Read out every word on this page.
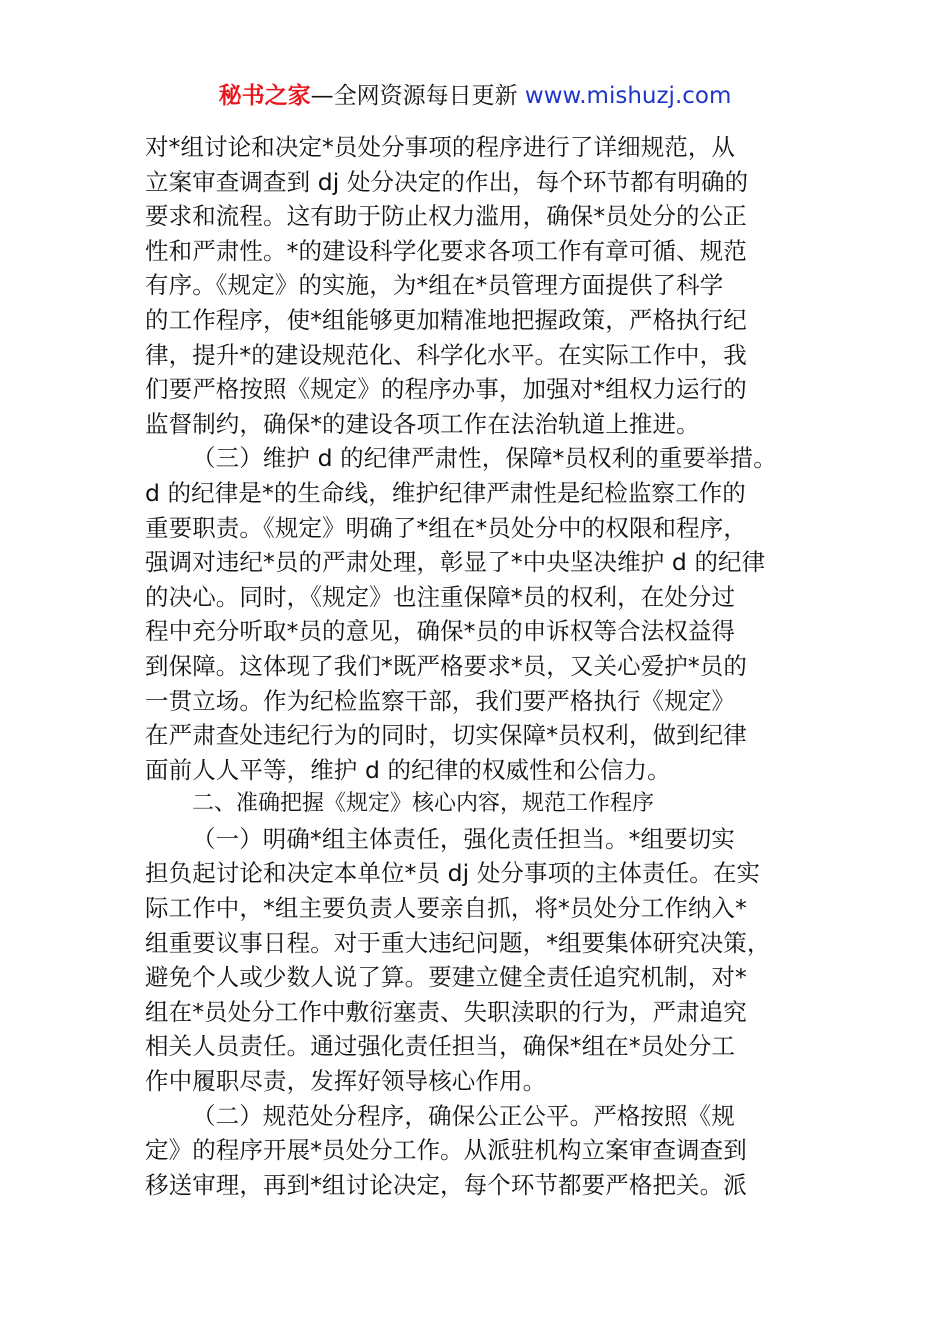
秘书之家—全网资源每日更新 www.mishuzj.com
对*组讨论和决定*员处分事项的程序进行了详细规范，从
立案审查调查到 dj 处分决定的作出，每个环节都有明确的
要求和流程。这有助于防止权力滥用，确保*员处分的公正
性和严肃性。*的建设科学化要求各项工作有章可循、规范
有序。《规定》的实施，为*组在*员管理方面提供了科学
的工作程序，使*组能够更加精准地把握政策，严格执行纪
律，提升*的建设规范化、科学化水平。在实际工作中，我
们要严格按照《规定》的程序办事，加强对*组权力运行的
监督制约，确保*的建设各项工作在法治轨道上推进。
（三）维护 d 的纪律严肃性，保障*员权利的重要举措。
d 的纪律是*的生命线，维护纪律严肃性是纪检监察工作的
重要职责。《规定》明确了*组在*员处分中的权限和程序，
强调对违纪*员的严肃处理，彰显了*中央坚决维护 d 的纪律
的决心。同时，《规定》也注重保障*员的权利，在处分过
程中充分听取*员的意见，确保*员的申诉权等合法权益得
到保障。这体现了我们*既严格要求*员，又关心爱护*员的
一贯立场。作为纪检监察干部，我们要严格执行《规定》
在严肃查处违纪行为的同时，切实保障*员权利，做到纪律
面前人人平等，维护 d 的纪律的权威性和公信力。
二、准确把握《规定》核心内容，规范工作程序
（一）明确*组主体责任，强化责任担当。*组要切实
担负起讨论和决定本单位*员 dj 处分事项的主体责任。在实
际工作中，*组主要负责人要亲自抓，将*员处分工作纳入*
组重要议事日程。对于重大违纪问题，*组要集体研究决策，
避免个人或少数人说了算。要建立健全责任追究机制，对*
组在*员处分工作中敷衍塞责、失职渎职的行为，严肃追究
相关人员责任。通过强化责任担当，确保*组在*员处分工
作中履职尽责，发挥好领导核心作用。
（二）规范处分程序，确保公正公平。严格按照《规
定》的程序开展*员处分工作。从派驻机构立案审查调查到
移送审理，再到*组讨论决定，每个环节都要严格把关。派
